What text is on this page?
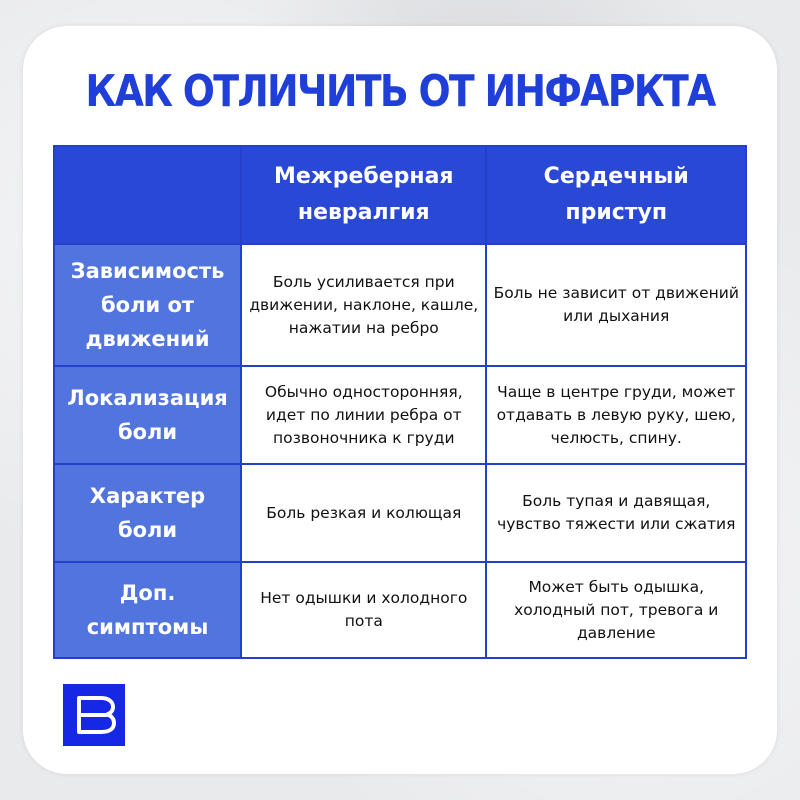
КАК ОТЛИЧИТЬ ОТ ИНФАРКТА
	Межреберная невралгия	Сердечный приступ
Зависимость боли от движений	Боль усиливается при движении, наклоне, кашле, нажатии на ребро	Боль не зависит от движений или дыхания
Локализация боли	Обычно односторонняя, идет по линии ребра от позвоночника к груди	Чаще в центре груди, может отдавать в левую руку, шею, челюсть, спину.
Характер боли	Боль резкая и колющая	Боль тупая и давящая, чувство тяжести или сжатия
Доп. симптомы	Нет одышки и холодного пота	Может быть одышка, холодный пот, тревога и давление
